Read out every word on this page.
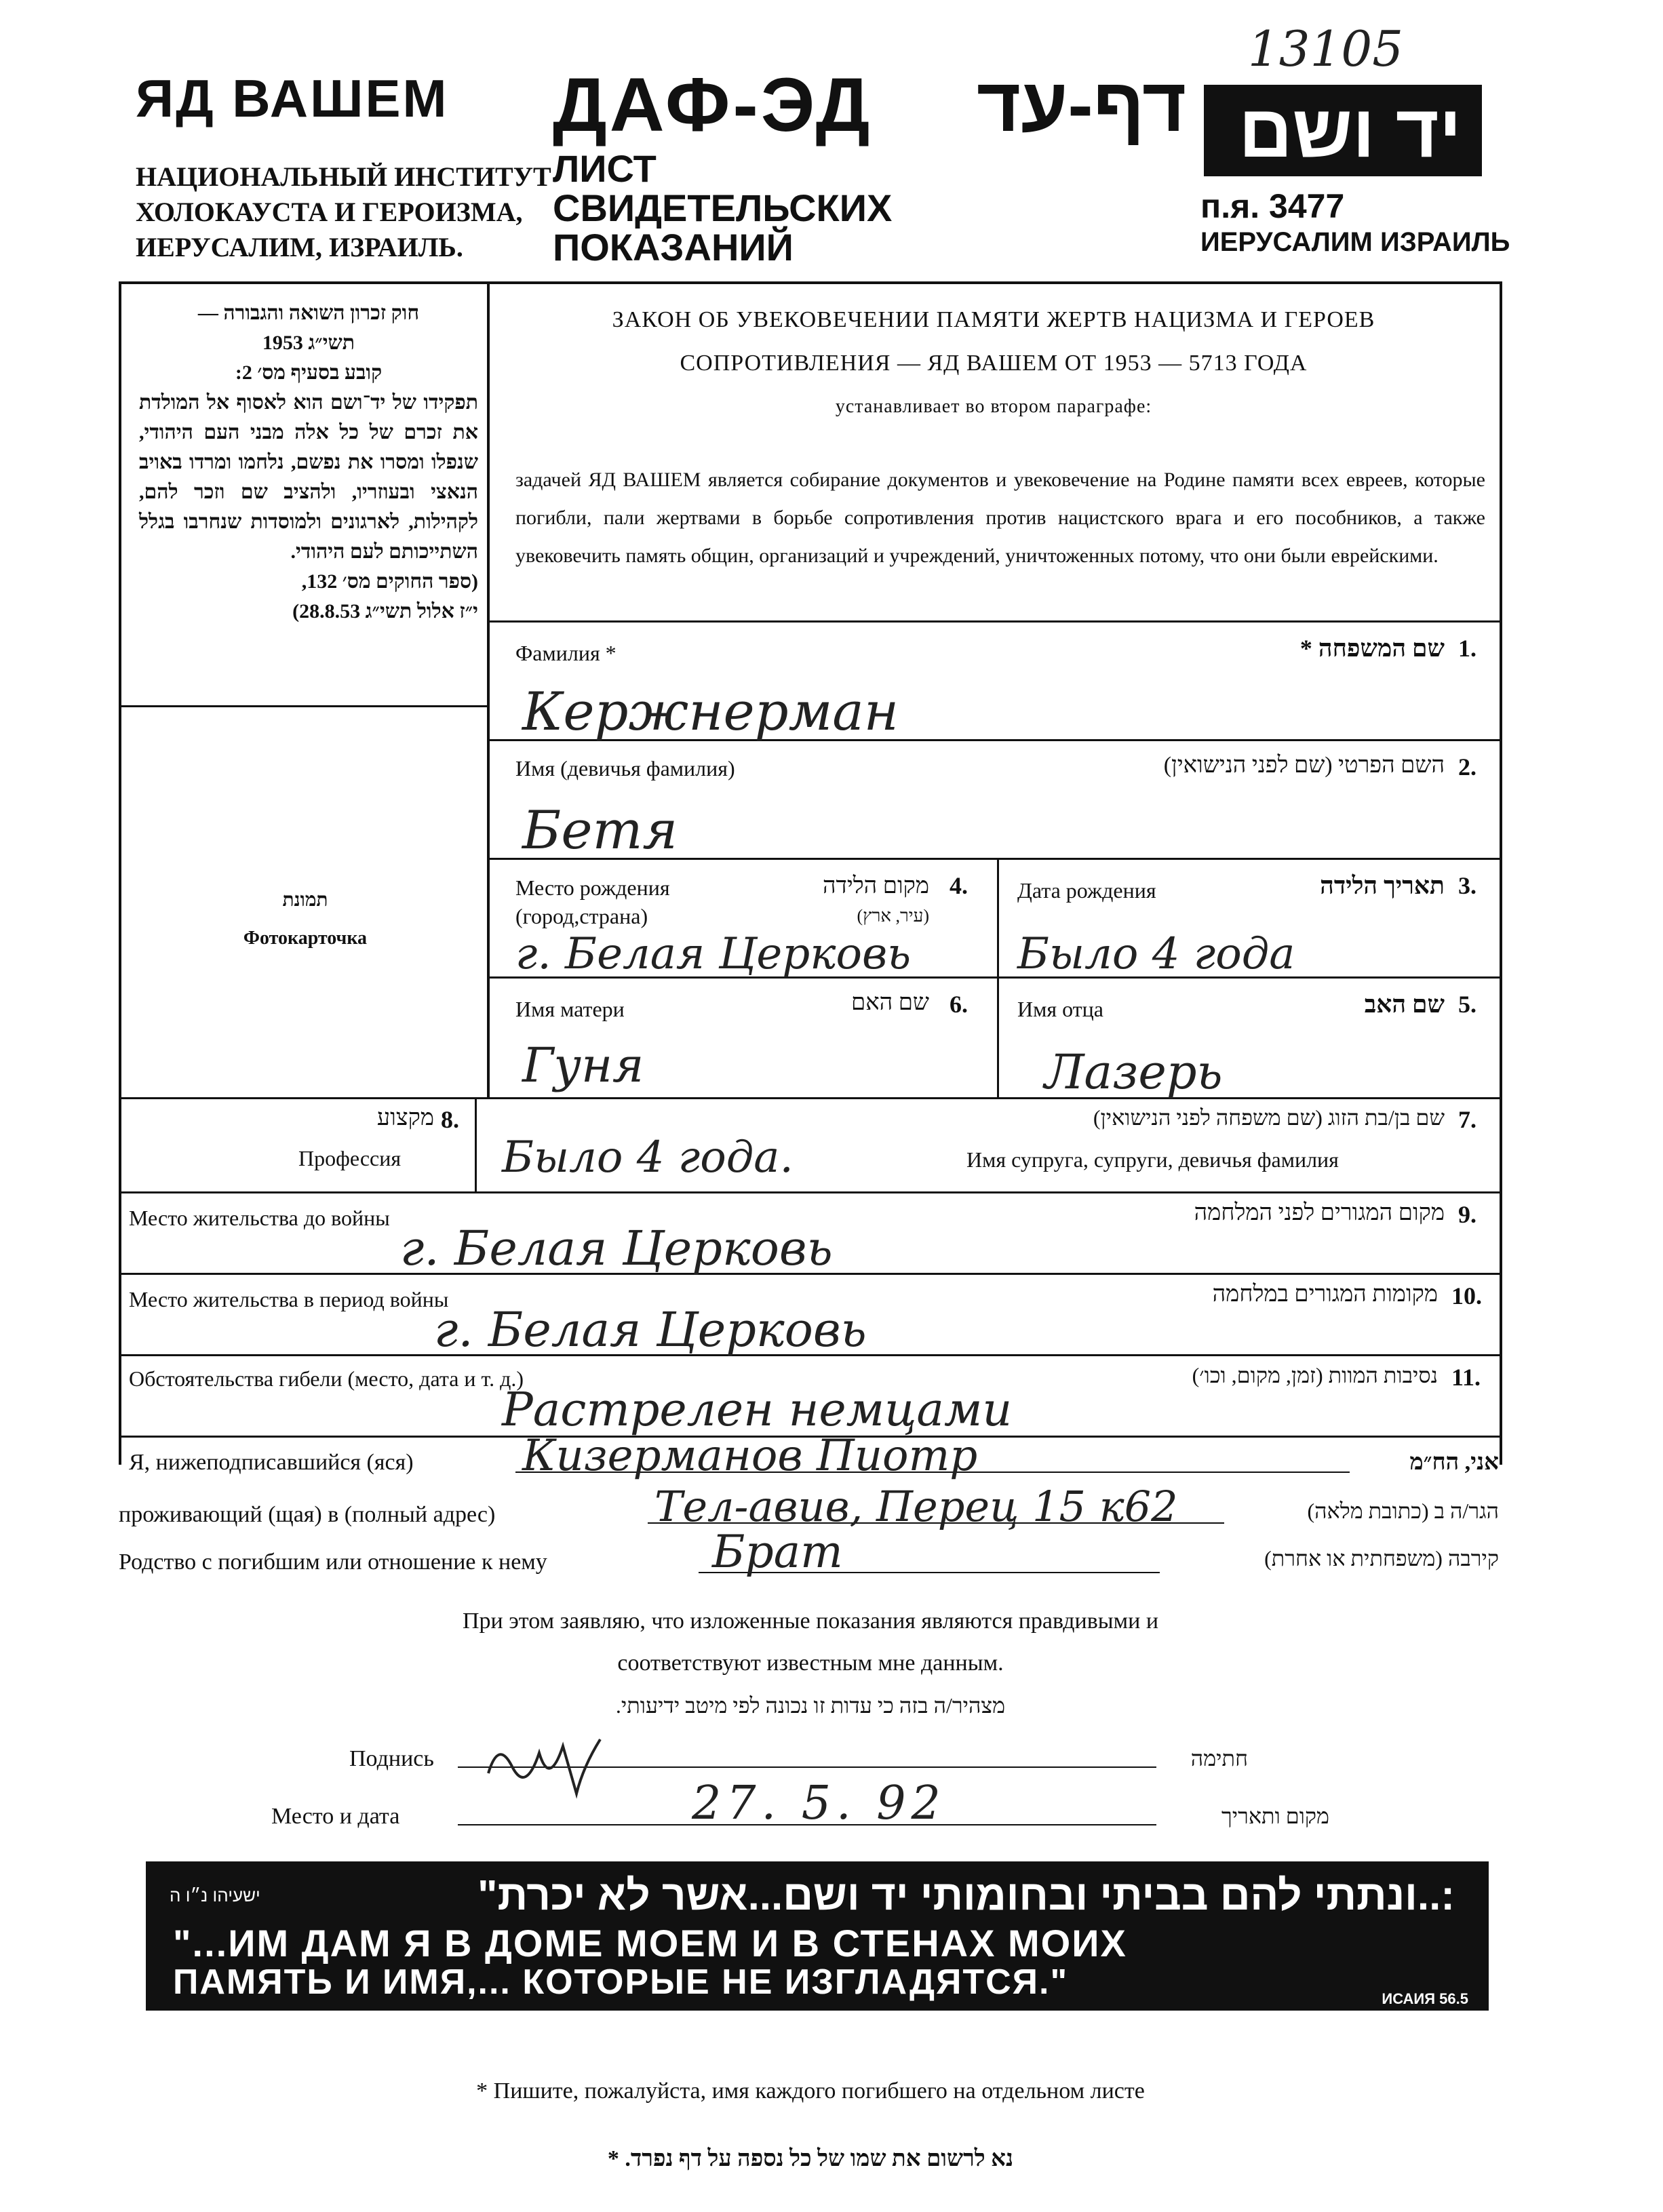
13105
ЯД ВАШЕМ
НАЦИОНАЛЬНЫЙ ИНСТИТУТ
ХОЛОКАУСТА И ГЕРОИЗМА,
ИЕРУСАЛИМ, ИЗРАИЛЬ.
ДАФ-ЭД דף-עד
ЛИСТ
СВИДЕТЕЛЬСКИХ
ПОКАЗАНИЙ
יד ושם
п.я. 3477
ИЕРУСАЛИМ ИЗРАИЛЬ
חוק זכרון השואה והגבורה —
תשי״ג 1953
קובע בסעיף מס׳ 2:
תפקידו של יד־ושם הוא לאסוף אל המולדת את זכרם של כל אלה מבני העם היהודי, שנפלו ומסרו את נפשם, נלחמו ומרדו באויב הנאצי ובעוזריו, ולהציב שם וזכר להם, לקהילות, לארגונים ולמוסדות שנחרבו בגלל השתייכותם לעם היהודי.
(ספר החוקים מס׳ 132,
י״ז אלול תשי״ג 28.8.53)
ЗАКОН ОБ УВЕКОВЕЧЕНИИ ПАМЯТИ ЖЕРТВ НАЦИЗМА И ГЕРОЕВ
СОПРОТИВЛЕНИЯ — ЯД ВАШЕМ ОТ 1953 — 5713 ГОДА
устанавливает во втором параграфе:
задачей ЯД ВАШЕМ является собирание документов и увековечение на Родине памяти всех евреев, которые погибли, пали жертвами в борьбе сопротивления против нацистского врага и его пособников, а также увековечить память общин, организаций и учреждений, уничтоженных потому, что они были еврейскими.
תמונת
Фотокарточка
Фамилия *	שם המשפחה * 1.
Кержнерман
Имя (девичья фамилия)	השם הפרטי (שם לפני הנישואין) 2.
Бетя
Место рождения
(город,страна)
מקום הלידה
(עיר, ארץ)
4.
г. Белая Церковь
Дата рождения	תאריך הלידה 3.
Было 4 года
Имя матери	שם האם 6.
Гуня
Имя отца	שם האב 5.
Лазерь
מקצוע 8.
Профессия
שם בן/בת הזוג (שם משפחה לפני הנישואין) 7.
Имя супруга, супруги, девичья фамилия
Было 4 года.
Место жительства до войны	מקום המגורים לפני המלחמה 9.
г. Белая Церковь
Место жительства в период войны	מקומות המגורים במלחמה 10.
г. Белая Церковь
Обстоятельства гибели (место, дата и т. д.)	נסיבות המוות (זמן, מקום, וכו׳) 11.
Растрелен немцами
Я, нижеподписавшийся (яся)	Кизерманов Пиотр	אני, הח״מ
проживающий (щая) в (полный адрес)	Тел-авив, Перец 15 к62	הגר/ה ב (כתובת מלאה)
Родство с погибшим или отношение к нему	Брат	קירבה (משפחתית או אחרת)
При этом заявляю, что изложенные показания являются правдивыми и
соответствуют известным мне данным.
מצהיר/ה בזה כי עדות זו נכונה לפי מיטב ידיעותי.
Поднись	חתימה
Место и дата	27. 5. 92	מקום ותאריך
:..ונתתי להם בביתי ובחומותי יד ושם...אשר לא יכרת"
ישעיהו נ״ו ה
"...ИМ ДАМ Я В ДОМЕ МОЕМ И В СТЕНАХ МОИХ
ПАМЯТЬ И ИМЯ,... КОТОРЫЕ НЕ ИЗГЛАДЯТСЯ."	ИСАИЯ 56.5
* Пишите, пожалуйста, имя каждого погибшего на отдельном листе
נא לרשום את שמו של כל נספה על דף נפרד. *
